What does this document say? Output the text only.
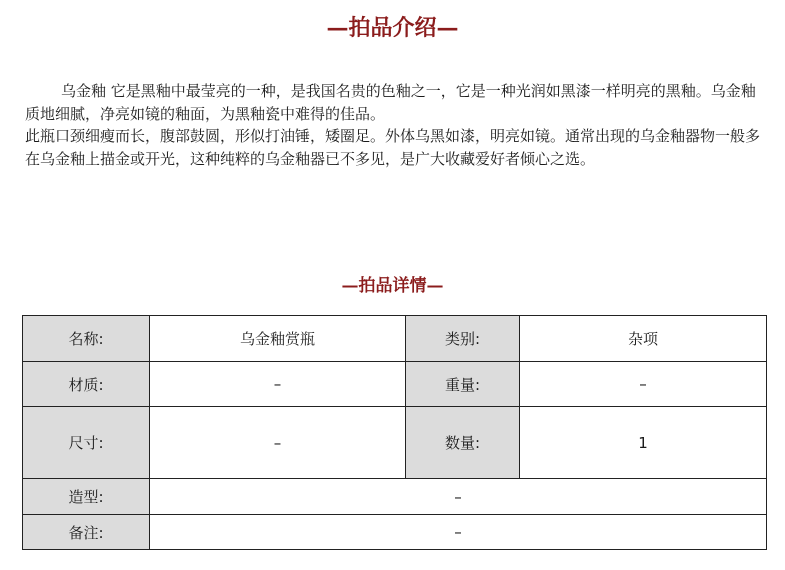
—拍品介绍—

乌金釉 它是黑釉中最莹亮的一种，是我国名贵的色釉之一，它是一种光润如黑漆一样明亮的黑釉。乌金釉质地细腻，净亮如镜的釉面，为黑釉瓷中难得的佳品。

此瓶口颈细瘦而长，腹部鼓圆，形似打油锤，矮圈足。外体乌黑如漆，明亮如镜。通常出现的乌金釉器物一般多在乌金釉上描金或开光，这种纯粹的乌金釉器已不多见，是广大收藏爱好者倾心之选。

—拍品详情—
名称:	乌金釉赏瓶	类别:	杂项
材质:	–	重量:	–
尺寸:	–	数量:	1
造型:	–		
备注:	–		
